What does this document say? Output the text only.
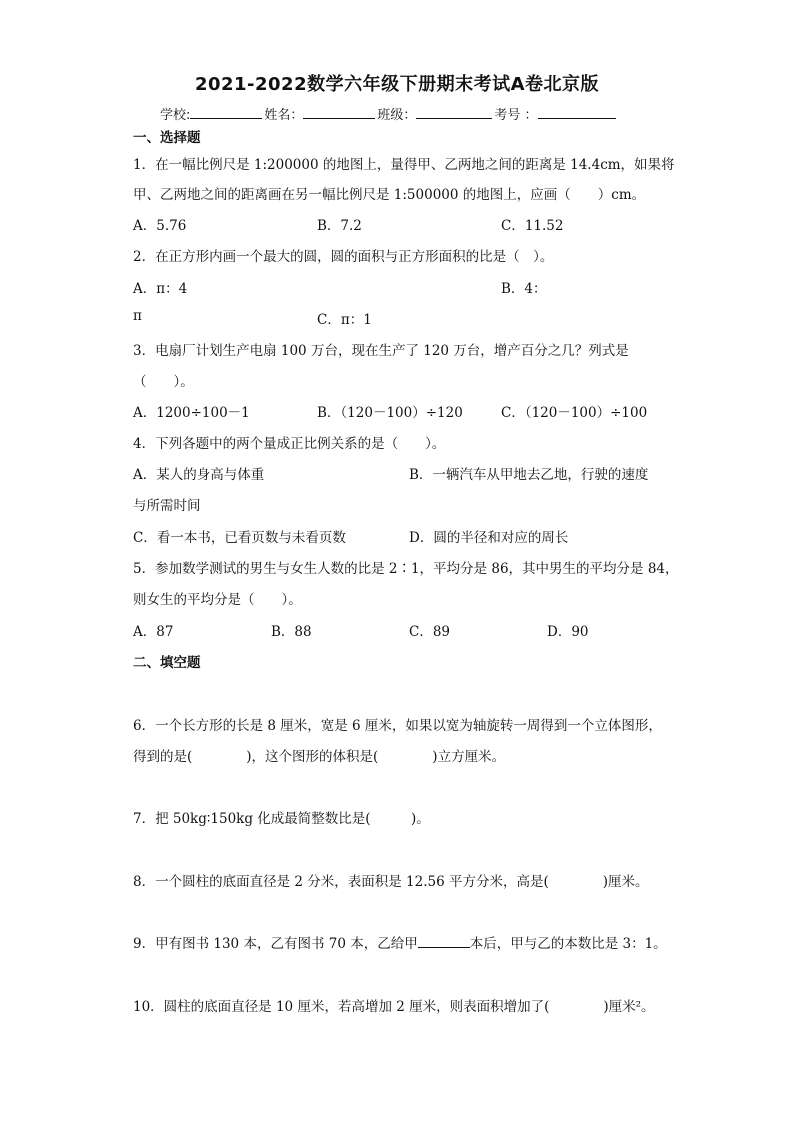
2021-2022数学六年级下册期末考试A卷北京版
学校:	姓名：	班级：	考号 ：
一、选择题
1．在一幅比例尺是 1:200000 的地图上，量得甲、乙两地之间的距离是 14.4cm，如果将
甲、乙两地之间的距离画在另一幅比例尺是 1:500000 的地图上，应画（　　）cm。
A．5.76	B．7.2	C．11.52
2．在正方形内画一个最大的圆，圆的面积与正方形面积的比是（　）。
A．π：4	B．4：
π	C．π：1
3．电扇厂计划生产电扇 100 万台，现在生产了 120 万台，增产百分之几？列式是
（　　）。
A．1200÷100－1	B．（120－100）÷120	C．（120－100）÷100
4．下列各题中的两个量成正比例关系的是（　　）。
A．某人的身高与体重	B．一辆汽车从甲地去乙地，行驶的速度
与所需时间
C．看一本书，已看页数与未看页数	D．圆的半径和对应的周长
5．参加数学测试的男生与女生人数的比是 2∶1，平均分是 86，其中男生的平均分是 84，
则女生的平均分是（　　）。
A．87	B．88	C．89	D．90
二、填空题
6．一个长方形的长是 8 厘米，宽是 6 厘米，如果以宽为轴旋转一周得到一个立体图形，
得到的是(　　　　)，这个图形的体积是(　　　　)立方厘米。
7．把 50kg∶150kg 化成最简整数比是(　　　)。
8．一个圆柱的底面直径是 2 分米，表面积是 12.56 平方分米，高是(　　　　)厘米。
9．甲有图书 130 本，乙有图书 70 本，乙给甲	本后，甲与乙的本数比是 3：1。
10．圆柱的底面直径是 10 厘米，若高增加 2 厘米，则表面积增加了(　　　　)厘米²。
